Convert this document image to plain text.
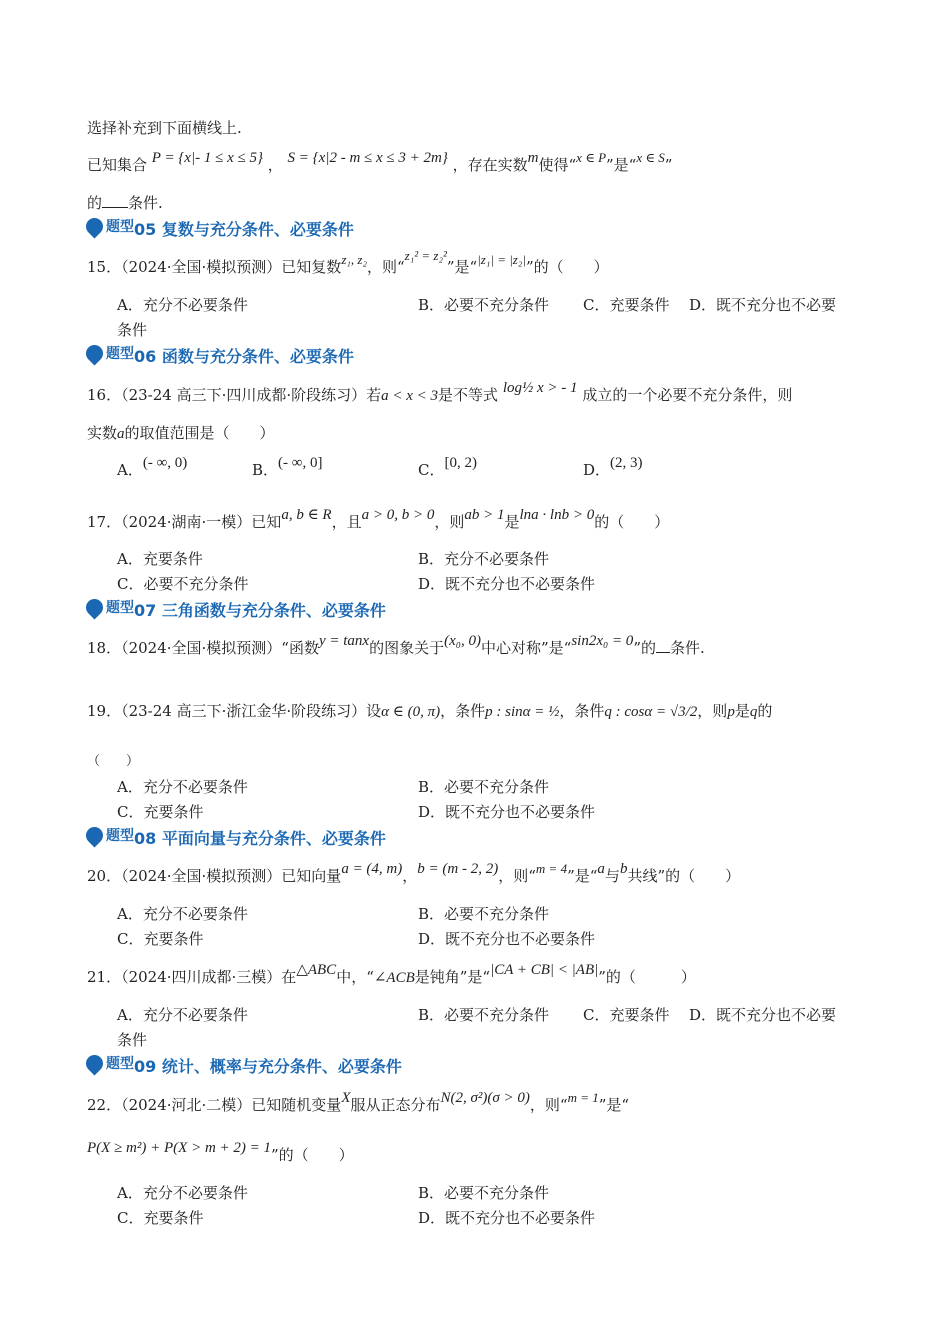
选择补充到下面横线上.
已知集合 P = {x|- 1 ≤ x ≤ 5} ， S = {x|2 - m ≤ x ≤ 3 + 2m} ，存在实数m使得“x ∈ P”是“x ∈ S”
的 条件.
题型05 复数与充分条件、必要条件
15．（2024·全国·模拟预测）已知复数z₁, z₂，则“z₁² = z₂²”是“|z₁| = |z₂|”的（　　）
A．充分不必要条件	B．必要不充分条件 C．充要条件 D．既不充分也不必要
条件
题型06 函数与充分条件、必要条件
16．（23-24 高三下·四川成都·阶段练习）若a < x < 3是不等式 log½ x > - 1 成立的一个必要不充分条件，则
实数a的取值范围是（　　）
A．(- ∞, 0)	B．(- ∞, 0]	C．[0, 2)	D．(2, 3)
17．（2024·湖南·一模）已知a, b ∈ R，且a > 0, b > 0，则ab > 1是lna · lnb > 0的（　　）
A．充要条件	B．充分不必要条件
C．必要不充分条件	D．既不充分也不必要条件
题型07 三角函数与充分条件、必要条件
18．（2024·全国·模拟预测）“函数y = tanx的图象关于(x₀, 0)中心对称”是“sin2x₀ = 0”的 条件.
19．（23-24 高三下·浙江金华·阶段练习）设α ∈ (0, π)，条件p : sinα = ½，条件q : cosα = √3/2，则p是q的
（　　）
A．充分不必要条件	B．必要不充分条件
C．充要条件	D．既不充分也不必要条件
题型08 平面向量与充分条件、必要条件
20．（2024·全国·模拟预测）已知向量a = (4, m)，b = (m - 2, 2)，则“m = 4”是“a与b共线”的（　　）
A．充分不必要条件	B．必要不充分条件
C．充要条件	D．既不充分也不必要条件
21．（2024·四川成都·三模）在△ABC中，“∠ACB是钝角”是“|CA + CB| < |AB|”的（　　　）
A．充分不必要条件	B．必要不充分条件 C．充要条件 D．既不充分也不必要
条件
题型09 统计、概率与充分条件、必要条件
22．（2024·河北·二模）已知随机变量X服从正态分布N(2, σ²)(σ > 0)，则“m = 1”是“
P(X ≥ m²) + P(X > m + 2) = 1”的（　　）
A．充分不必要条件	B．必要不充分条件
C．充要条件	D．既不充分也不必要条件
